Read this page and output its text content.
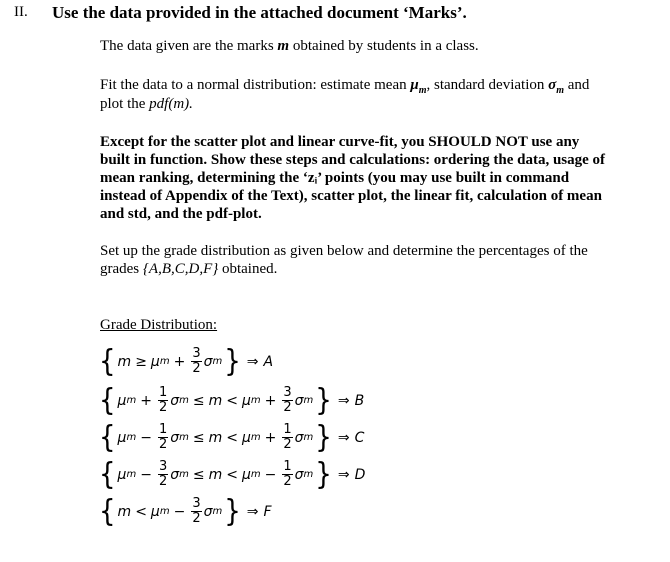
II. Use the data provided in the attached document ‘Marks’.
The data given are the marks m obtained by students in a class.
Fit the data to a normal distribution: estimate mean $\mu_m$, standard deviation $\sigma_m$ and
plot the pdf(m).
Except for the scatter plot and linear curve-fit, you SHOULD NOT use any
built in function. Show these steps and calculations: ordering the data, usage of
mean ranking, determining the ‘zᵢ’ points (you may use built in command
instead of Appendix of the Text), scatter plot, the linear fit, calculation of mean
and std, and the pdf-plot.
Set up the grade distribution as given below and determine the percentages of the
grades {A,B,C,D,F} obtained.
Grade Distribution:
{ m ≥ μ $m + \frac{3}{2}$ σ m } ⇒ A
{ μ $m + \frac{1}{2}$ σ m ≤ m < μ $m + \frac{3}{2}$ σ m } ⇒ B
{ μ $m - \frac{1}{2}$ σ m ≤ m < μ $m + \frac{1}{2}$ σ m } ⇒ C
{ μ $m - \frac{3}{2}$ σ m ≤ m < μ $m - \frac{1}{2}$ σ m } ⇒ D
{ m < μ $m - \frac{3}{2}$ σ m } ⇒ F
